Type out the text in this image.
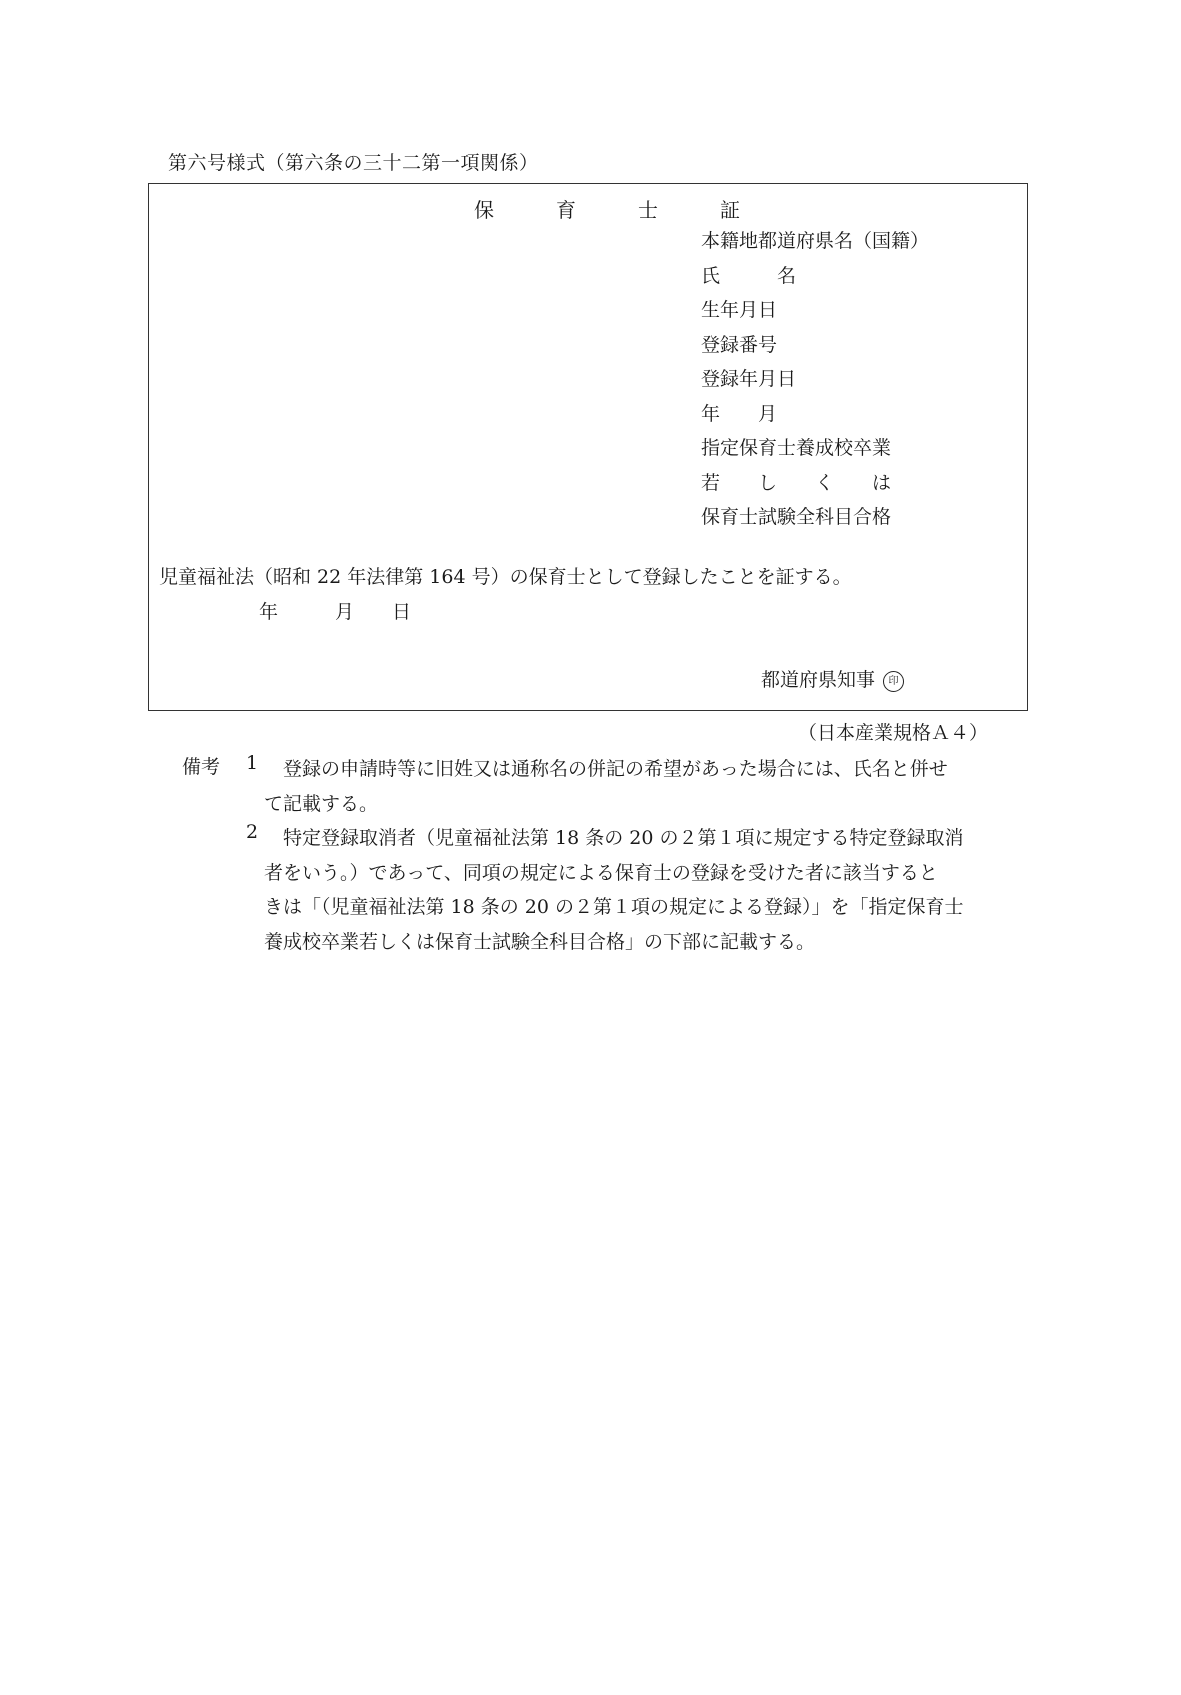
第六号様式（第六条の三十二第一項関係）
保	育	士	証
本籍地都道府県名（国籍）
氏　　　名
生年月日
登録番号
登録年月日
年　　月
指定保育士養成校卒業
若　　し　　く　　は
保育士試験全科目合格
児童福祉法（昭和 22 年法律第 164 号）の保育士として登録したことを証する。
年　　　月　　日
都道府県知事 印
（日本産業規格Ａ４）
備考 1	登録の申請時等に旧姓又は通称名の併記の希望があった場合には、氏名と併せ
て記載する。
2	特定登録取消者（児童福祉法第 18 条の 20 の２第１項に規定する特定登録取消
者をいう。）であって、同項の規定による保育士の登録を受けた者に該当すると
きは「（児童福祉法第 18 条の 20 の２第１項の規定による登録）」を「指定保育士
養成校卒業若しくは保育士試験全科目合格」の下部に記載する。
